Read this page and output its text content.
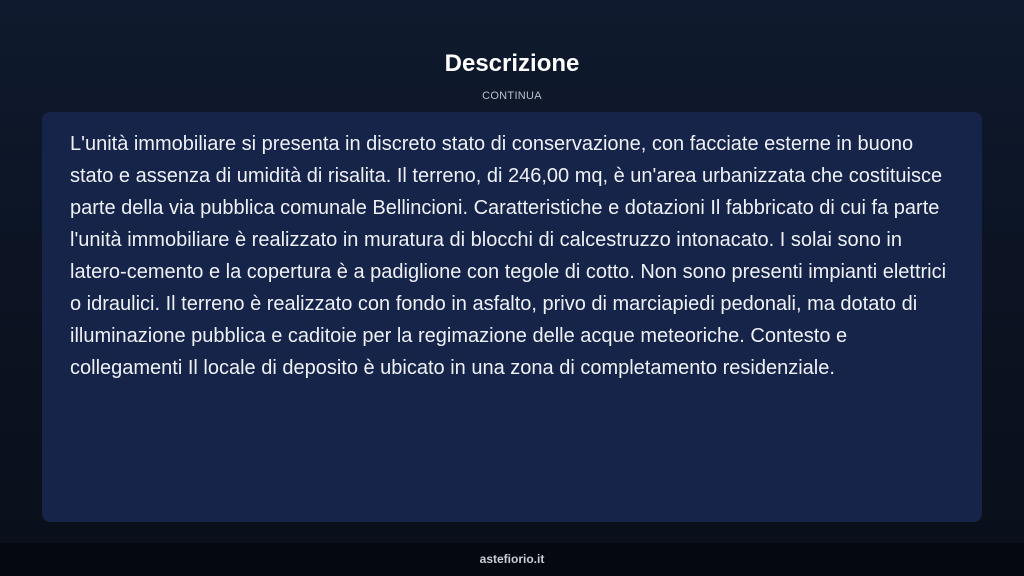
Descrizione
CONTINUA

L'unità immobiliare si presenta in discreto stato di conservazione, con facciate esterne in buono stato e assenza di umidità di risalita. Il terreno, di 246,00 mq, è un'area urbanizzata che costituisce parte della via pubblica comunale Bellincioni. Caratteristiche e dotazioni Il fabbricato di cui fa parte l'unità immobiliare è realizzato in muratura di blocchi di calcestruzzo intonacato. I solai sono in latero-cemento e la copertura è a padiglione con tegole di cotto. Non sono presenti impianti elettrici o idraulici. Il terreno è realizzato con fondo in asfalto, privo di marciapiedi pedonali, ma dotato di illuminazione pubblica e caditoie per la regimazione delle acque meteoriche. Contesto e collegamenti Il locale di deposito è ubicato in una zona di completamento residenziale.

astefiorio.it
